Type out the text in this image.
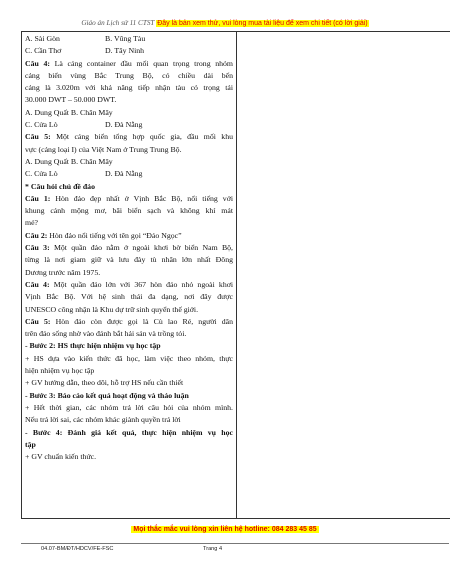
Giáo án Lịch sử 11 CTST Đây là bản xem thử, vui lòng mua tài liệu để xem chi tiết (có lời giải)
A. Sài Gòn	B. Vũng Tàu
C. Cần Thơ	D. Tây Ninh
Câu 4: Là cảng container đầu mối quan trọng trong nhóm
cảng biển vùng Bắc Trung Bộ, có chiều dài bến
cảng là 3.020m với khả năng tiếp nhận tàu có trọng tải
30.000 DWT – 50.000 DWT.
A. Dung Quất B. Chân Mây
C. Cửa Lò	D. Đà Nẵng
Câu 5: Một cảng biển tổng hợp quốc gia, đầu mối khu
vực (cảng loại I) của Việt Nam ở Trung Trung Bộ.
A. Dung Quất B. Chân Mây
C. Cửa Lò	D. Đà Nẵng
* Câu hỏi chủ đề đảo
Câu 1: Hòn đảo đẹp nhất ở Vịnh Bắc Bộ, nổi tiếng với
khung cảnh mộng mơ, bãi biển sạch và không khí mát
mẻ?
Câu 2: Hòn đảo nổi tiếng với tên gọi “Đảo Ngọc”
Câu 3: Một quần đảo nằm ở ngoài khơi bờ biển Nam Bộ,
từng là nơi giam giữ và lưu đày tù nhân lớn nhất Đông
Dương trước năm 1975.
Câu 4: Một quần đảo lớn với 367 hòn đảo nhỏ ngoài khơi
Vịnh Bắc Bộ. Với hệ sinh thái đa dạng, nơi đây được
UNESCO công nhận là Khu dự trữ sinh quyển thế giới.
Câu 5: Hòn đảo còn được gọi là Cù lao Ré, người dân
trên đảo sống nhờ vào đánh bắt hải sản và trồng tỏi.
- Bước 2: HS thực hiện nhiệm vụ học tập
+ HS dựa vào kiến thức đã học, làm việc theo nhóm, thực
hiện nhiệm vụ học tập
+ GV hướng dẫn, theo dõi, hỗ trợ HS nếu cần thiết
- Bước 3: Báo cáo kết quả hoạt động và thảo luận
+ Hết thời gian, các nhóm trả lời câu hỏi của nhóm mình.
Nếu trả lời sai, các nhóm khác giành quyền trả lời
- Bước 4: Đánh giá kết quả, thực hiện nhiệm vụ học
tập
+ GV chuẩn kiến thức.
Mọi thắc mắc vui lòng xin liên hệ hotline: 084 283 45 85
04.07-BM/ĐT/HDCV/FE-FSC	Trang 4
